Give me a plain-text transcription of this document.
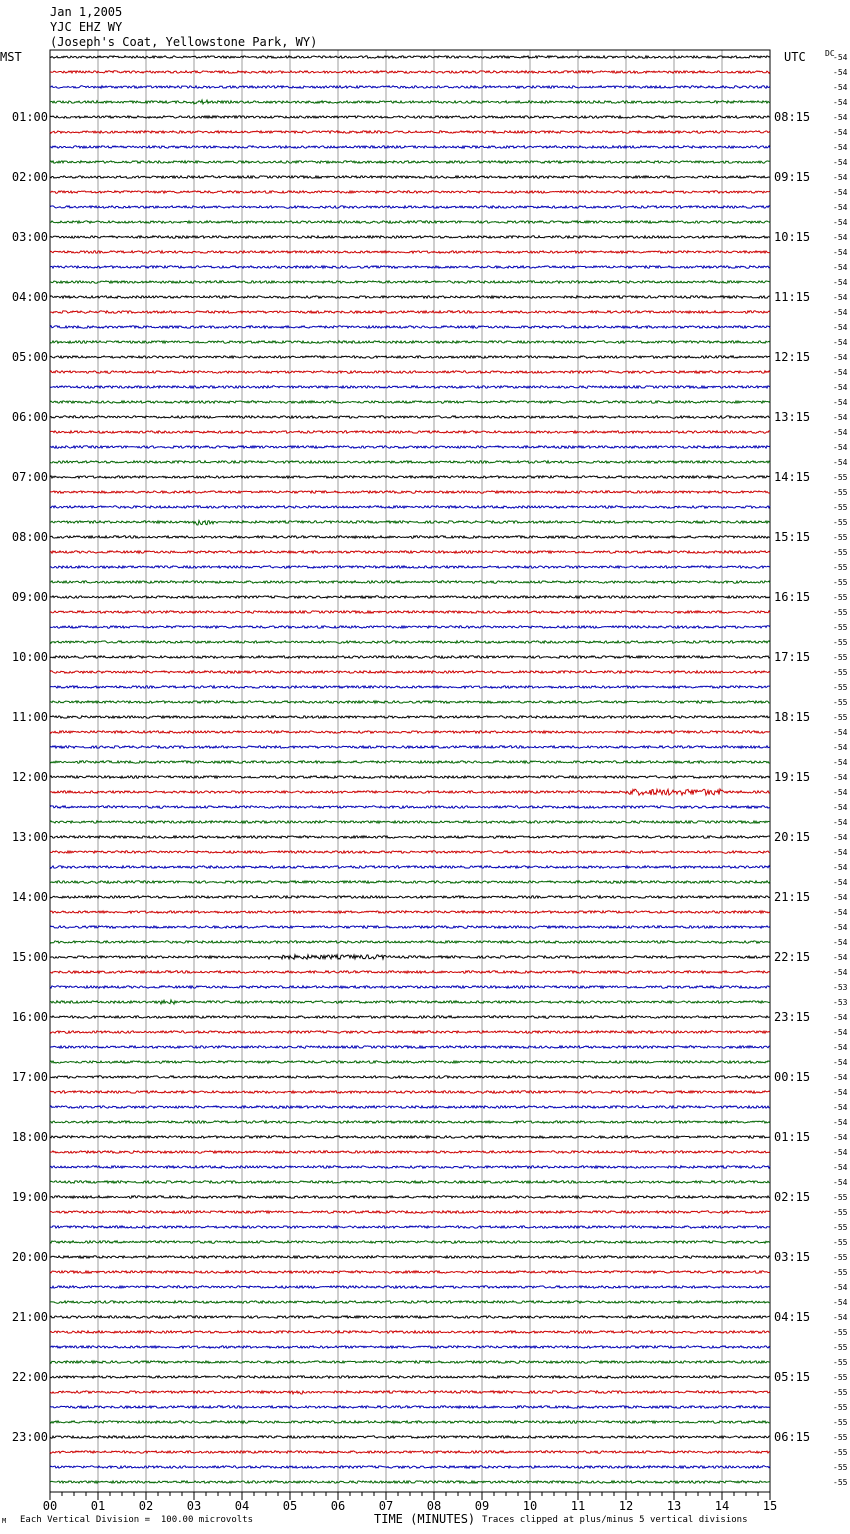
Jan 1,2005
YJC EHZ WY
(Joseph's Coat, Yellowstone Park, WY)
MST	UTC DC
-54
-54
-54
-54
-54
01:00	08:15
-54
-54
-54
-54
02:00	09:15
-54
-54
-54
-54
03:00	10:15
-54
-54
-54
-54
04:00	11:15
-54
-54
-54
-54
05:00	12:15
-54
-54
-54
-54
06:00	13:15
-54
-54
-54
-55
07:00	14:15
-55
-55
-55
-55
08:00	15:15
-55
-55
-55
-55
09:00	16:15
-55
-55
-55
-55
10:00	17:15
-55
-55
-55
-55
11:00	18:15
-54
-54
-54
-54
12:00	19:15
-54
-54
-54
-54
13:00	20:15
-54
-54
-54
-54
14:00	21:15
-54
-54
-54
-54
15:00	22:15
-54
-53
-53
-54
16:00	23:15
-54
-54
-54
-54
17:00	00:15
-54
-54
-54
-54
18:00	01:15
-54
-54
-54
-55
19:00	02:15
-55
-55
-55
-55
20:00	03:15
-55
-54
-54
-54
21:00	04:15
-55
-55
-55
-55
22:00	05:15
-55
-55
-55
-55
23:00	06:15
-55
-55
-55
00	01	02	03	04	05	06	07	08	09	10	11	12	13	14	15
M Each Vertical Division =  100.00 microvolts	TIME (MINUTES) Traces clipped at plus/minus 5 vertical divisions
